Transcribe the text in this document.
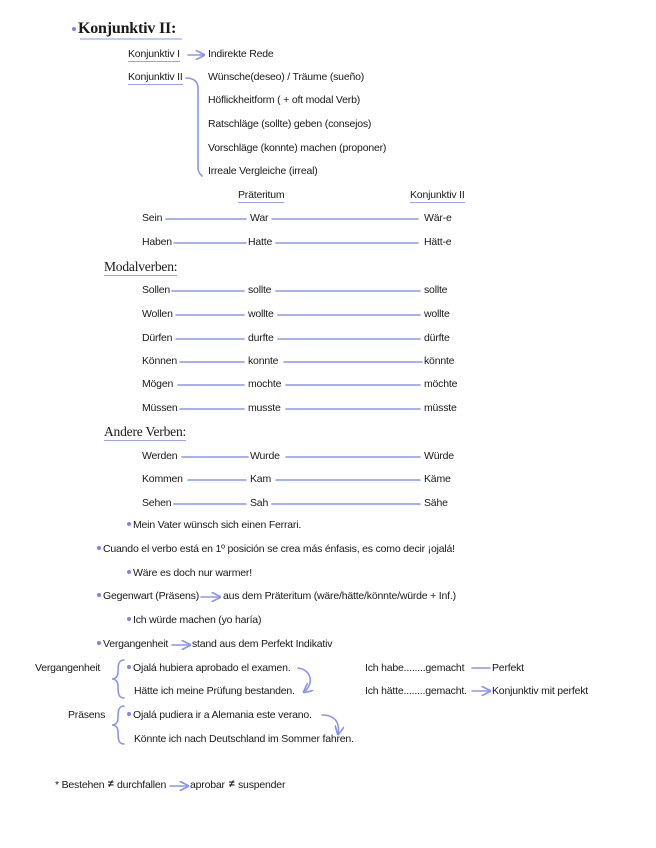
Konjunktiv II:
Konjunktiv I	Indirekte Rede
Konjunktiv II Wünsche(deseo) / Träume (sueño)
Höflickheitform ( + oft modal Verb)
Ratschläge (sollte) geben (consejos)
Vorschläge (konnte) machen (proponer)
Irreale Vergleiche (irreal)
Präteritum	Konjunktiv II
Sein	War	Wär-e
Haben	Hatte	Hätt-e
Modalverben:
Sollen	sollte	sollte
Wollen	wollte	wollte
Dürfen	durfte	dürfte
Können	konnte	könnte
Mögen	mochte	möchte
Müssen	musste	müsste
Andere Verben:
Werden	Wurde	Würde
Kommen	Kam	Käme
Sehen	Sah	Sähe
Mein Vater wünsch sich einen Ferrari.
Cuando el verbo está en 1º posición se crea más énfasis, es como decir ¡ojalá!
Wäre es doch nur warmer!
Gegenwart (Präsens) aus dem Präteritum (wäre/hätte/könnte/würde + Inf.)
Ich würde machen (yo haría)
Vergangenheit stand aus dem Perfekt Indikativ
Vergangenheit	Ojalá hubiera aprobado el examen.
Hätte ich meine Prüfung bestanden.
Ich habe........gemacht	Perfekt
Ich hätte........gemacht. Konjunktiv mit perfekt
Präsens	Ojalá pudiera ir a Alemania este verano.
Könnte ich nach Deutschland im Sommer fahren.
* Bestehen ≠ durchfallen aprobar ≠ suspender
